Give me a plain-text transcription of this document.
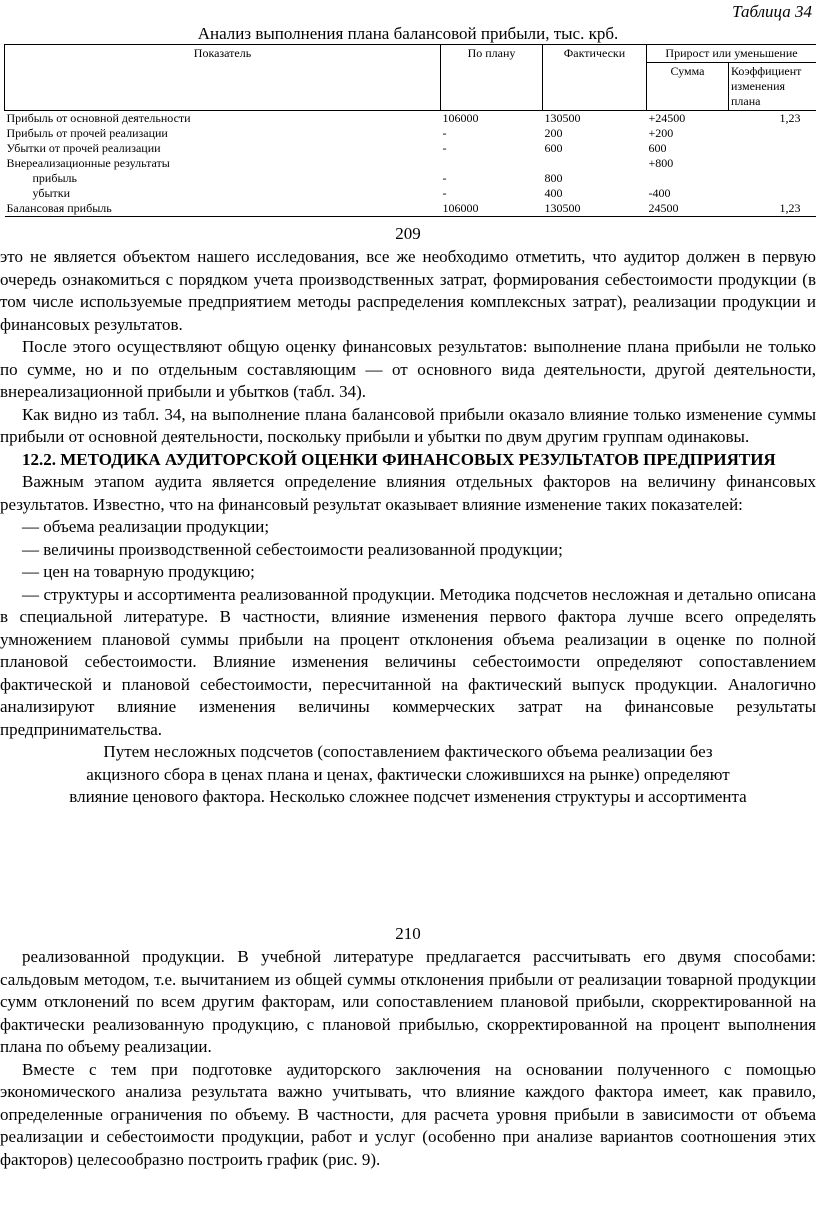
Таблица 34
Анализ выполнения плана балансовой прибыли, тыс. крб.
Показатель	По плану	Фактически	Прирост или уменьшение	
			Сумма	Коэффициент изменения плана
Прибыль от основной деятельности	106000	130500	+24500	1,23
Прибыль от прочей реализации	-	200	+200	
Убытки от прочей реализации	-	600	600	
Внереализационные результаты			+800	
прибыль	-	800		
убытки	-	400	-400	
Балансовая прибыль	106000	130500	24500	1,23
209

это не является объектом нашего исследования, все же необходимо отметить, что аудитор должен в первую очередь ознакомиться с порядком учета производственных затрат, формирования себестоимости продукции (в том числе используемые предприятием методы распределения комплексных затрат), реализации продукции и финансовых результатов.

После этого осуществляют общую оценку финансовых результатов: выполнение плана прибыли не только по сумме, но и по отдельным составляющим — от основного вида деятельности, другой деятельности, внереализационной прибыли и убытков (табл. 34).

Как видно из табл. 34, на выполнение плана балансовой прибыли оказало влияние только изменение суммы прибыли от основной деятельности, поскольку прибыли и убытки по двум другим группам одинаковы.

12.2. МЕТОДИКА АУДИТОРСКОЙ ОЦЕНКИ ФИНАНСОВЫХ РЕЗУЛЬТАТОВ ПРЕДПРИЯТИЯ

Важным этапом аудита является определение влияния отдельных факторов на величину финансовых результатов. Известно, что на финансовый результат оказывает влияние изменение таких показателей:

— объема реализации продукции;

— величины производственной себестоимости реализованной продукции;

— цен на товарную продукцию;

— структуры и ассортимента реализованной продукции. Методика подсчетов несложная и детально описана в специальной литературе. В частности, влияние изменения первого фактора лучше всего определять умножением плановой суммы прибыли на процент отклонения объема реализации в оценке по полной плановой себестоимости. Влияние изменения величины себестоимости определяют сопоставлением фактической и плановой себестоимости, пересчитанной на фактический выпуск продукции. Аналогично анализируют влияние изменения величины коммерческих затрат на финансовые результаты предпринимательства.

Путем несложных подсчетов (сопоставлением фактического объема реализации без

акцизного сбора в ценах плана и ценах, фактически сложившихся на рынке) определяют

влияние ценового фактора. Несколько сложнее подсчет изменения структуры и ассортимента

210

реализованной продукции. В учебной литературе предлагается рассчитывать его двумя способами: сальдовым методом, т.е. вычитанием из общей суммы отклонения прибыли от реализации товарной продукции сумм отклонений по всем другим факторам, или сопоставлением плановой прибыли, скорректированной на фактически реализованную продукцию, с плановой прибылью, скорректированной на процент выполнения плана по объему реализации.

Вместе с тем при подготовке аудиторского заключения на основании полученного с помощью экономического анализа результата важно учитывать, что влияние каждого фактора имеет, как правило, определенные ограничения по объему. В частности, для расчета уровня прибыли в зависимости от объема реализации и себестоимости продукции, работ и услуг (особенно при анализе вариантов соотношения этих факторов) целесообразно построить график (рис. 9).
